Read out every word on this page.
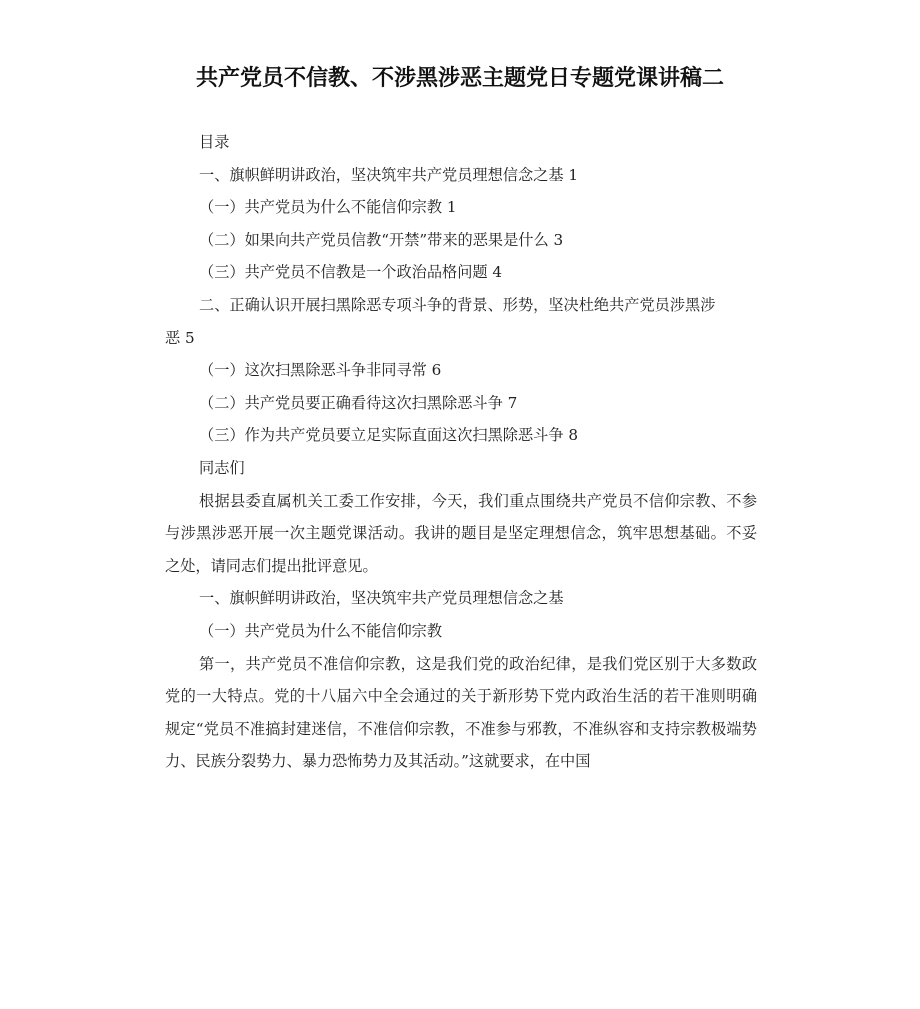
共产党员不信教、不涉黑涉恶主题党日专题党课讲稿二
目录
一、旗帜鲜明讲政治，坚决筑牢共产党员理想信念之基 1
（一）共产党员为什么不能信仰宗教 1
（二）如果向共产党员信教“开禁”带来的恶果是什么 3
（三）共产党员不信教是一个政治品格问题 4
二、正确认识开展扫黑除恶专项斗争的背景、形势，坚决杜绝共产党员涉黑涉
恶 5
（一）这次扫黑除恶斗争非同寻常 6
（二）共产党员要正确看待这次扫黑除恶斗争 7
（三）作为共产党员要立足实际直面这次扫黑除恶斗争 8
同志们
根据县委直属机关工委工作安排，今天，我们重点围绕共产党员不信仰宗教、不参与涉黑涉恶开展一次主题党课活动。我讲的题目是坚定理想信念，筑牢思想基础。不妥之处，请同志们提出批评意见。
一、旗帜鲜明讲政治，坚决筑牢共产党员理想信念之基
（一）共产党员为什么不能信仰宗教
第一，共产党员不准信仰宗教，这是我们党的政治纪律，是我们党区别于大多数政党的一大特点。党的十八届六中全会通过的关于新形势下党内政治生活的若干准则明确规定“党员不准搞封建迷信，不准信仰宗教，不准参与邪教，不准纵容和支持宗教极端势力、民族分裂势力、暴力恐怖势力及其活动。”这就要求，在中国
